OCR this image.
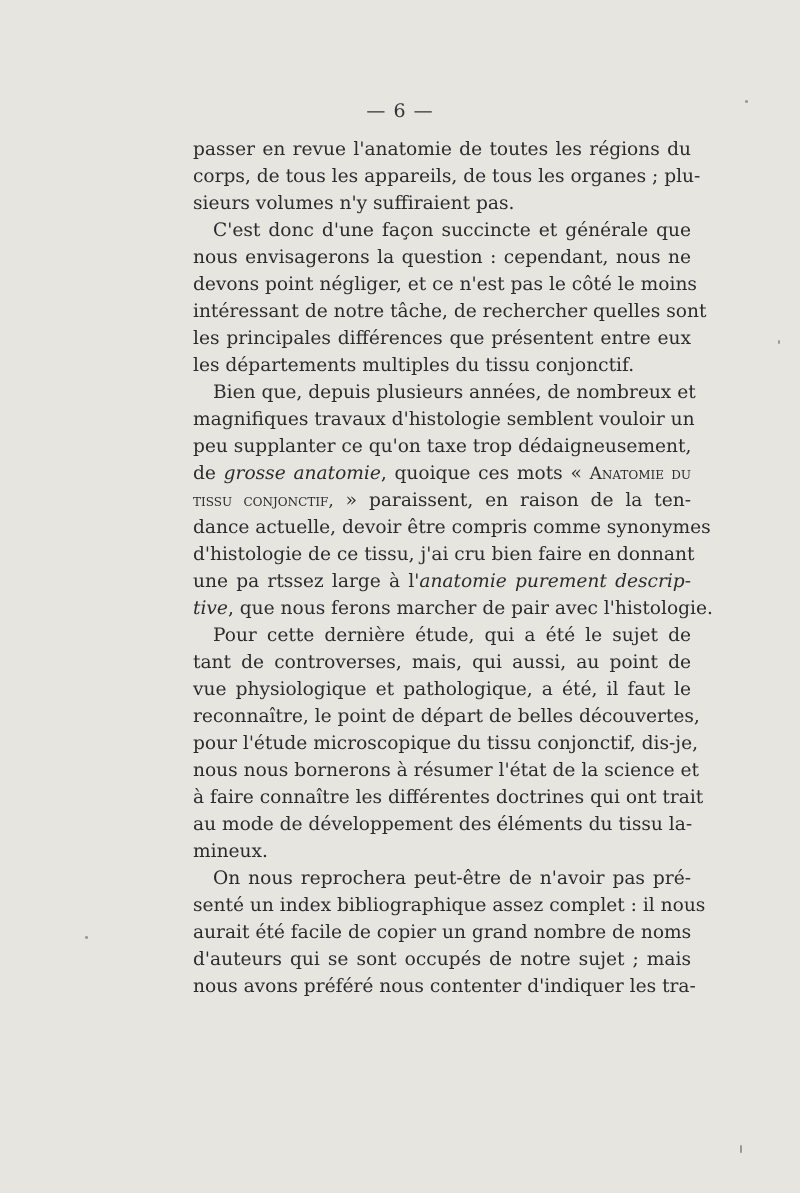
— 6 —
passer en revue l'anatomie de toutes les régions du
corps, de tous les appareils, de tous les organes ; plu-
sieurs volumes n'y suffiraient pas.
C'est donc d'une façon succincte et générale que
nous envisagerons la question : cependant, nous ne
devons point négliger, et ce n'est pas le côté le moins
intéressant de notre tâche, de rechercher quelles sont
les principales différences que présentent entre eux
les départements multiples du tissu conjonctif.
Bien que, depuis plusieurs années, de nombreux et
magnifiques travaux d'histologie semblent vouloir un
peu supplanter ce qu'on taxe trop dédaigneusement,
de grosse anatomie, quoique ces mots « Anatomie du
tissu conjonctif, » paraissent, en raison de la ten-
dance actuelle, devoir être compris comme synonymes
d'histologie de ce tissu, j'ai cru bien faire en donnant
une pa rtssez large à l'anatomie purement descrip-
tive, que nous ferons marcher de pair avec l'histologie.
Pour cette dernière étude, qui a été le sujet de
tant de controverses, mais, qui aussi, au point de
vue physiologique et pathologique, a été, il faut le
reconnaître, le point de départ de belles découvertes,
pour l'étude microscopique du tissu conjonctif, dis-je,
nous nous bornerons à résumer l'état de la science et
à faire connaître les différentes doctrines qui ont trait
au mode de développement des éléments du tissu la-
mineux.
On nous reprochera peut-être de n'avoir pas pré-
senté un index bibliographique assez complet : il nous
aurait été facile de copier un grand nombre de noms
d'auteurs qui se sont occupés de notre sujet ; mais
nous avons préféré nous contenter d'indiquer les tra-
